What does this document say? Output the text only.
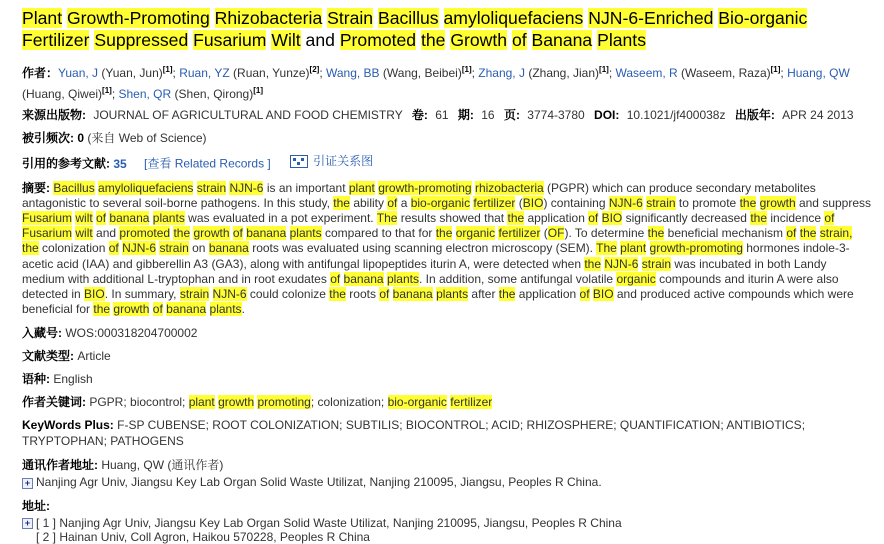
Plant Growth-Promoting Rhizobacteria Strain Bacillus amyloliquefaciens NJN-6-Enriched Bio-organic Fertilizer Suppressed Fusarium Wilt and Promoted the Growth of Banana Plants
作者：Yuan, J (Yuan, Jun)[1]; Ruan, YZ (Ruan, Yunze)[2]; Wang, BB (Wang, Beibei)[1]; Zhang, J (Zhang, Jian)[1]; Waseem, R (Waseem, Raza)[1]; Huang, QW (Huang, Qiwei)[1]; Shen, QR (Shen, Qirong)[1]
来源出版物: JOURNAL OF AGRICULTURAL AND FOOD CHEMISTRY 卷: 61 期: 16 页: 3774-3780 DOI: 10.1021/jf400038z 出版年: APR 24 2013
被引频次: 0 (来自 Web of Science)
引用的参考文献: 35 [查看 Related Records ]	引证关系图
摘要: Bacillus amyloliquefaciens strain NJN-6 is an important plant growth-promoting rhizobacteria (PGPR) which can produce secondary metabolites antagonistic to several soil-borne pathogens. In this study, the ability of a bio-organic fertilizer (BIO) containing NJN-6 strain to promote the growth and suppress Fusarium wilt of banana plants was evaluated in a pot experiment. The results showed that the application of BIO significantly decreased the incidence of Fusarium wilt and promoted the growth of banana plants compared to that for the organic fertilizer (OF). To determine the beneficial mechanism of the strain, the colonization of NJN-6 strain on banana roots was evaluated using scanning electron microscopy (SEM). The plant growth-promoting hormones indole-3-acetic acid (IAA) and gibberellin A3 (GA3), along with antifungal lipopeptides iturin A, were detected when the NJN-6 strain was incubated in both Landy medium with additional L-tryptophan and in root exudates of banana plants. In addition, some antifungal volatile organic compounds and iturin A were also detected in BIO. In summary, strain NJN-6 could colonize the roots of banana plants after the application of BIO and produced active compounds which were beneficial for the growth of banana plants.
入藏号: WOS:000318204700002
文献类型: Article
语种: English
作者关键词: PGPR; biocontrol; plant growth promoting; colonization; bio-organic fertilizer
KeyWords Plus: F-SP CUBENSE; ROOT COLONIZATION; SUBTILIS; BIOCONTROL; ACID; RHIZOSPHERE; QUANTIFICATION; ANTIBIOTICS; TRYPTOPHAN; PATHOGENS
通讯作者地址: Huang, QW (通讯作者)
+ Nanjing Agr Univ, Jiangsu Key Lab Organ Solid Waste Utilizat, Nanjing 210095, Jiangsu, Peoples R China.
地址:
+ [ 1 ] Nanjing Agr Univ, Jiangsu Key Lab Organ Solid Waste Utilizat, Nanjing 210095, Jiangsu, Peoples R China
[ 2 ] Hainan Univ, Coll Agron, Haikou 570228, Peoples R China
